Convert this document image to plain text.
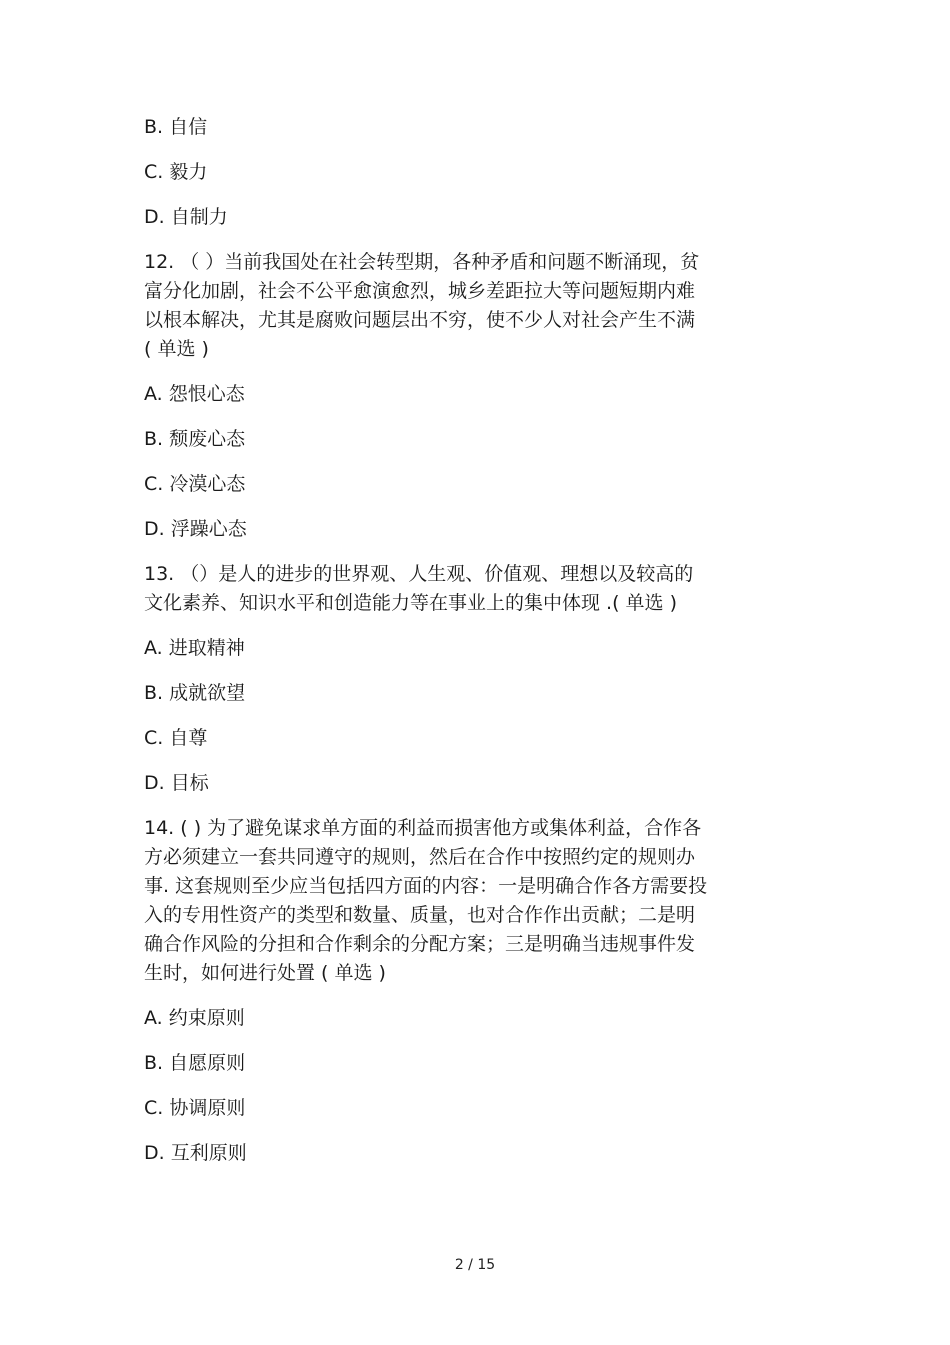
B. 自信
C. 毅力
D. 自制力
12. （ ）当前我国处在社会转型期，各种矛盾和问题不断涌现，贫
富分化加剧，社会不公平愈演愈烈，城乡差距拉大等问题短期内难
以根本解决，尤其是腐败问题层出不穷，使不少人对社会产生不满
( 单选 )
A. 怨恨心态
B. 颓废心态
C. 冷漠心态
D. 浮躁心态
13. （）是人的进步的世界观、人生观、价值观、理想以及较高的
文化素养、知识水平和创造能力等在事业上的集中体现 .( 单选 )
A. 进取精神
B. 成就欲望
C. 自尊
D. 目标
14. ( ) 为了避免谋求单方面的利益而损害他方或集体利益，合作各
方必须建立一套共同遵守的规则，然后在合作中按照约定的规则办
事. 这套规则至少应当包括四方面的内容：一是明确合作各方需要投
入的专用性资产的类型和数量、质量，也对合作作出贡献；二是明
确合作风险的分担和合作剩余的分配方案；三是明确当违规事件发
生时，如何进行处置 ( 单选 )
A. 约束原则
B. 自愿原则
C. 协调原则
D. 互利原则
2 / 15
